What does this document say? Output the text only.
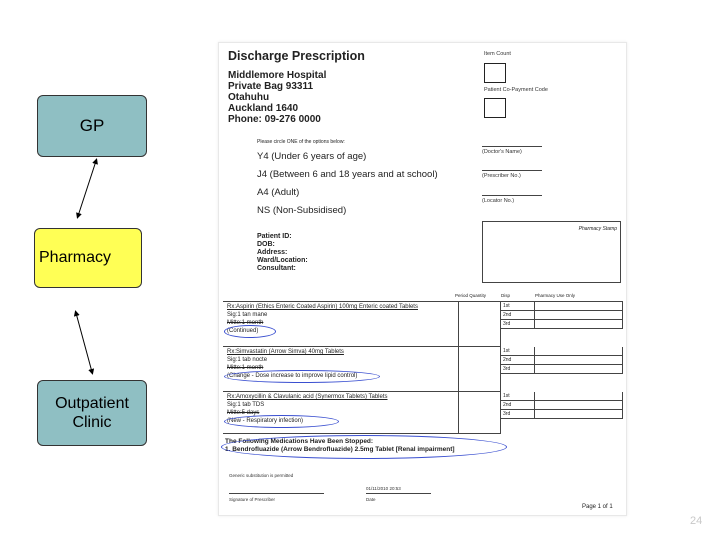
GP
Pharmacy
Outpatient Clinic
Discharge Prescription
Middlemore Hospital
Private Bag 93311
Otahuhu
Auckland 1640
Phone: 09-276 0000
Item Count
Patient Co-Payment Code
Please circle ONE of the options below:
Y4 (Under 6 years of age)
J4 (Between 6 and 18 years and at school)
A4 (Adult)
NS (Non-Subsidised)
(Doctor's Name)
(Prescriber No.)
(Locator No.)
Patient ID:
DOB:
Address:
Ward/Location:
Consultant:
Pharmacy Stamp
Period Quantity	Disp	Pharmacy Use Only
Rx:Aspirin (Ethics Enteric Coated Aspirin) 100mg Enteric coated Tablets
Sig:1 tan mane
Mitte:1 month
(Continued)
1st
2nd
3rd
Rx:Simvastatin (Arrow Simva) 40mg Tablets
Sig:1 tab nocte
Mitte:1 month
(Change - Dose increase to improve lipid control)
1st
2nd
3rd
Rx:Amoxycillin & Clavulanic acid (Synermox Tablets) Tablets
Sig:1 tab TDS
Mitte:5 days
(New - Respiratory infection)
1st
2nd
3rd
The Following Medications Have Been Stopped:
1. Bendrofluazide (Arrow Bendrofluazide) 2.5mg Tablet [Renal impairment]
Generic substitution is permitted
01/11/2010 20:53
Signature of Prescriber	Date
Page 1 of 1
24
